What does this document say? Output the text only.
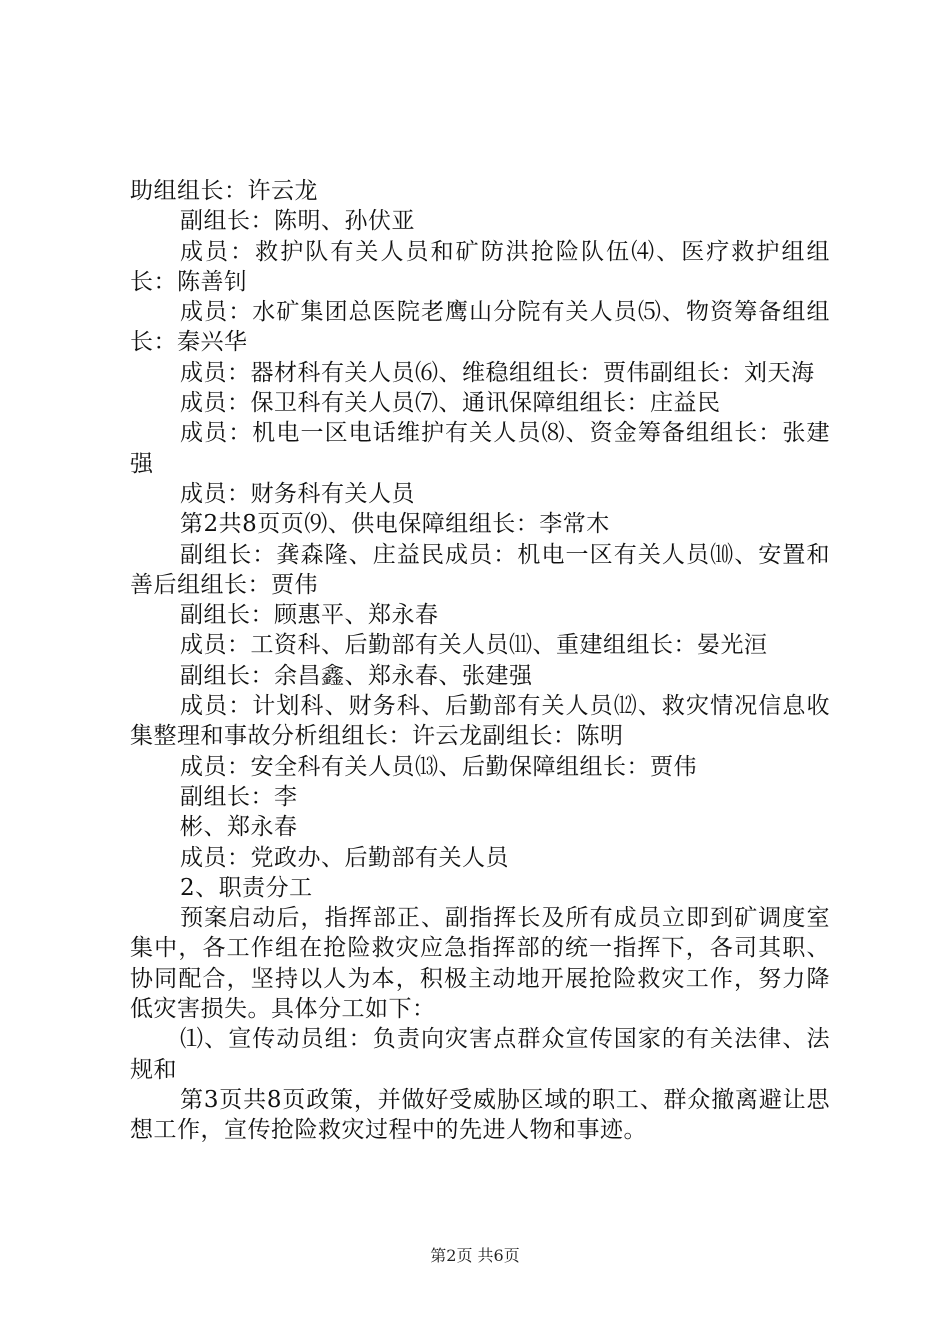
助组组长：许云龙

副组长：陈明、孙伏亚

成员：救护队有关人员和矿防洪抢险队伍⑷、医疗救护组组长：陈善钊

成员：水矿集团总医院老鹰山分院有关人员⑸、物资筹备组组长：秦兴华

成员：器材科有关人员⑹、维稳组组长：贾伟副组长：刘天海

成员：保卫科有关人员⑺、通讯保障组组长：庄益民

成员：机电一区电话维护有关人员⑻、资金筹备组组长：张建强

成员：财务科有关人员

第2共8页页⑼、供电保障组组长：李常木

副组长：龚森隆、庄益民成员：机电一区有关人员⑽、安置和善后组组长：贾伟

副组长：顾惠平、郑永春

成员：工资科、后勤部有关人员⑾、重建组组长：晏光洹

副组长：余昌鑫、郑永春、张建强

成员：计划科、财务科、后勤部有关人员⑿、救灾情况信息收集整理和事故分析组组长：许云龙副组长：陈明

成员：安全科有关人员⒀、后勤保障组组长：贾伟

副组长：李

彬、郑永春

成员：党政办、后勤部有关人员

2、职责分工

预案启动后，指挥部正、副指挥长及所有成员立即到矿调度室集中，各工作组在抢险救灾应急指挥部的统一指挥下，各司其职、协同配合，坚持以人为本，积极主动地开展抢险救灾工作，努力降低灾害损失。具体分工如下：

⑴、宣传动员组：负责向灾害点群众宣传国家的有关法律、法规和

第3页共8页政策，并做好受威胁区域的职工、群众撤离避让思想工作，宣传抢险救灾过程中的先进人物和事迹。

第2页 共6页
